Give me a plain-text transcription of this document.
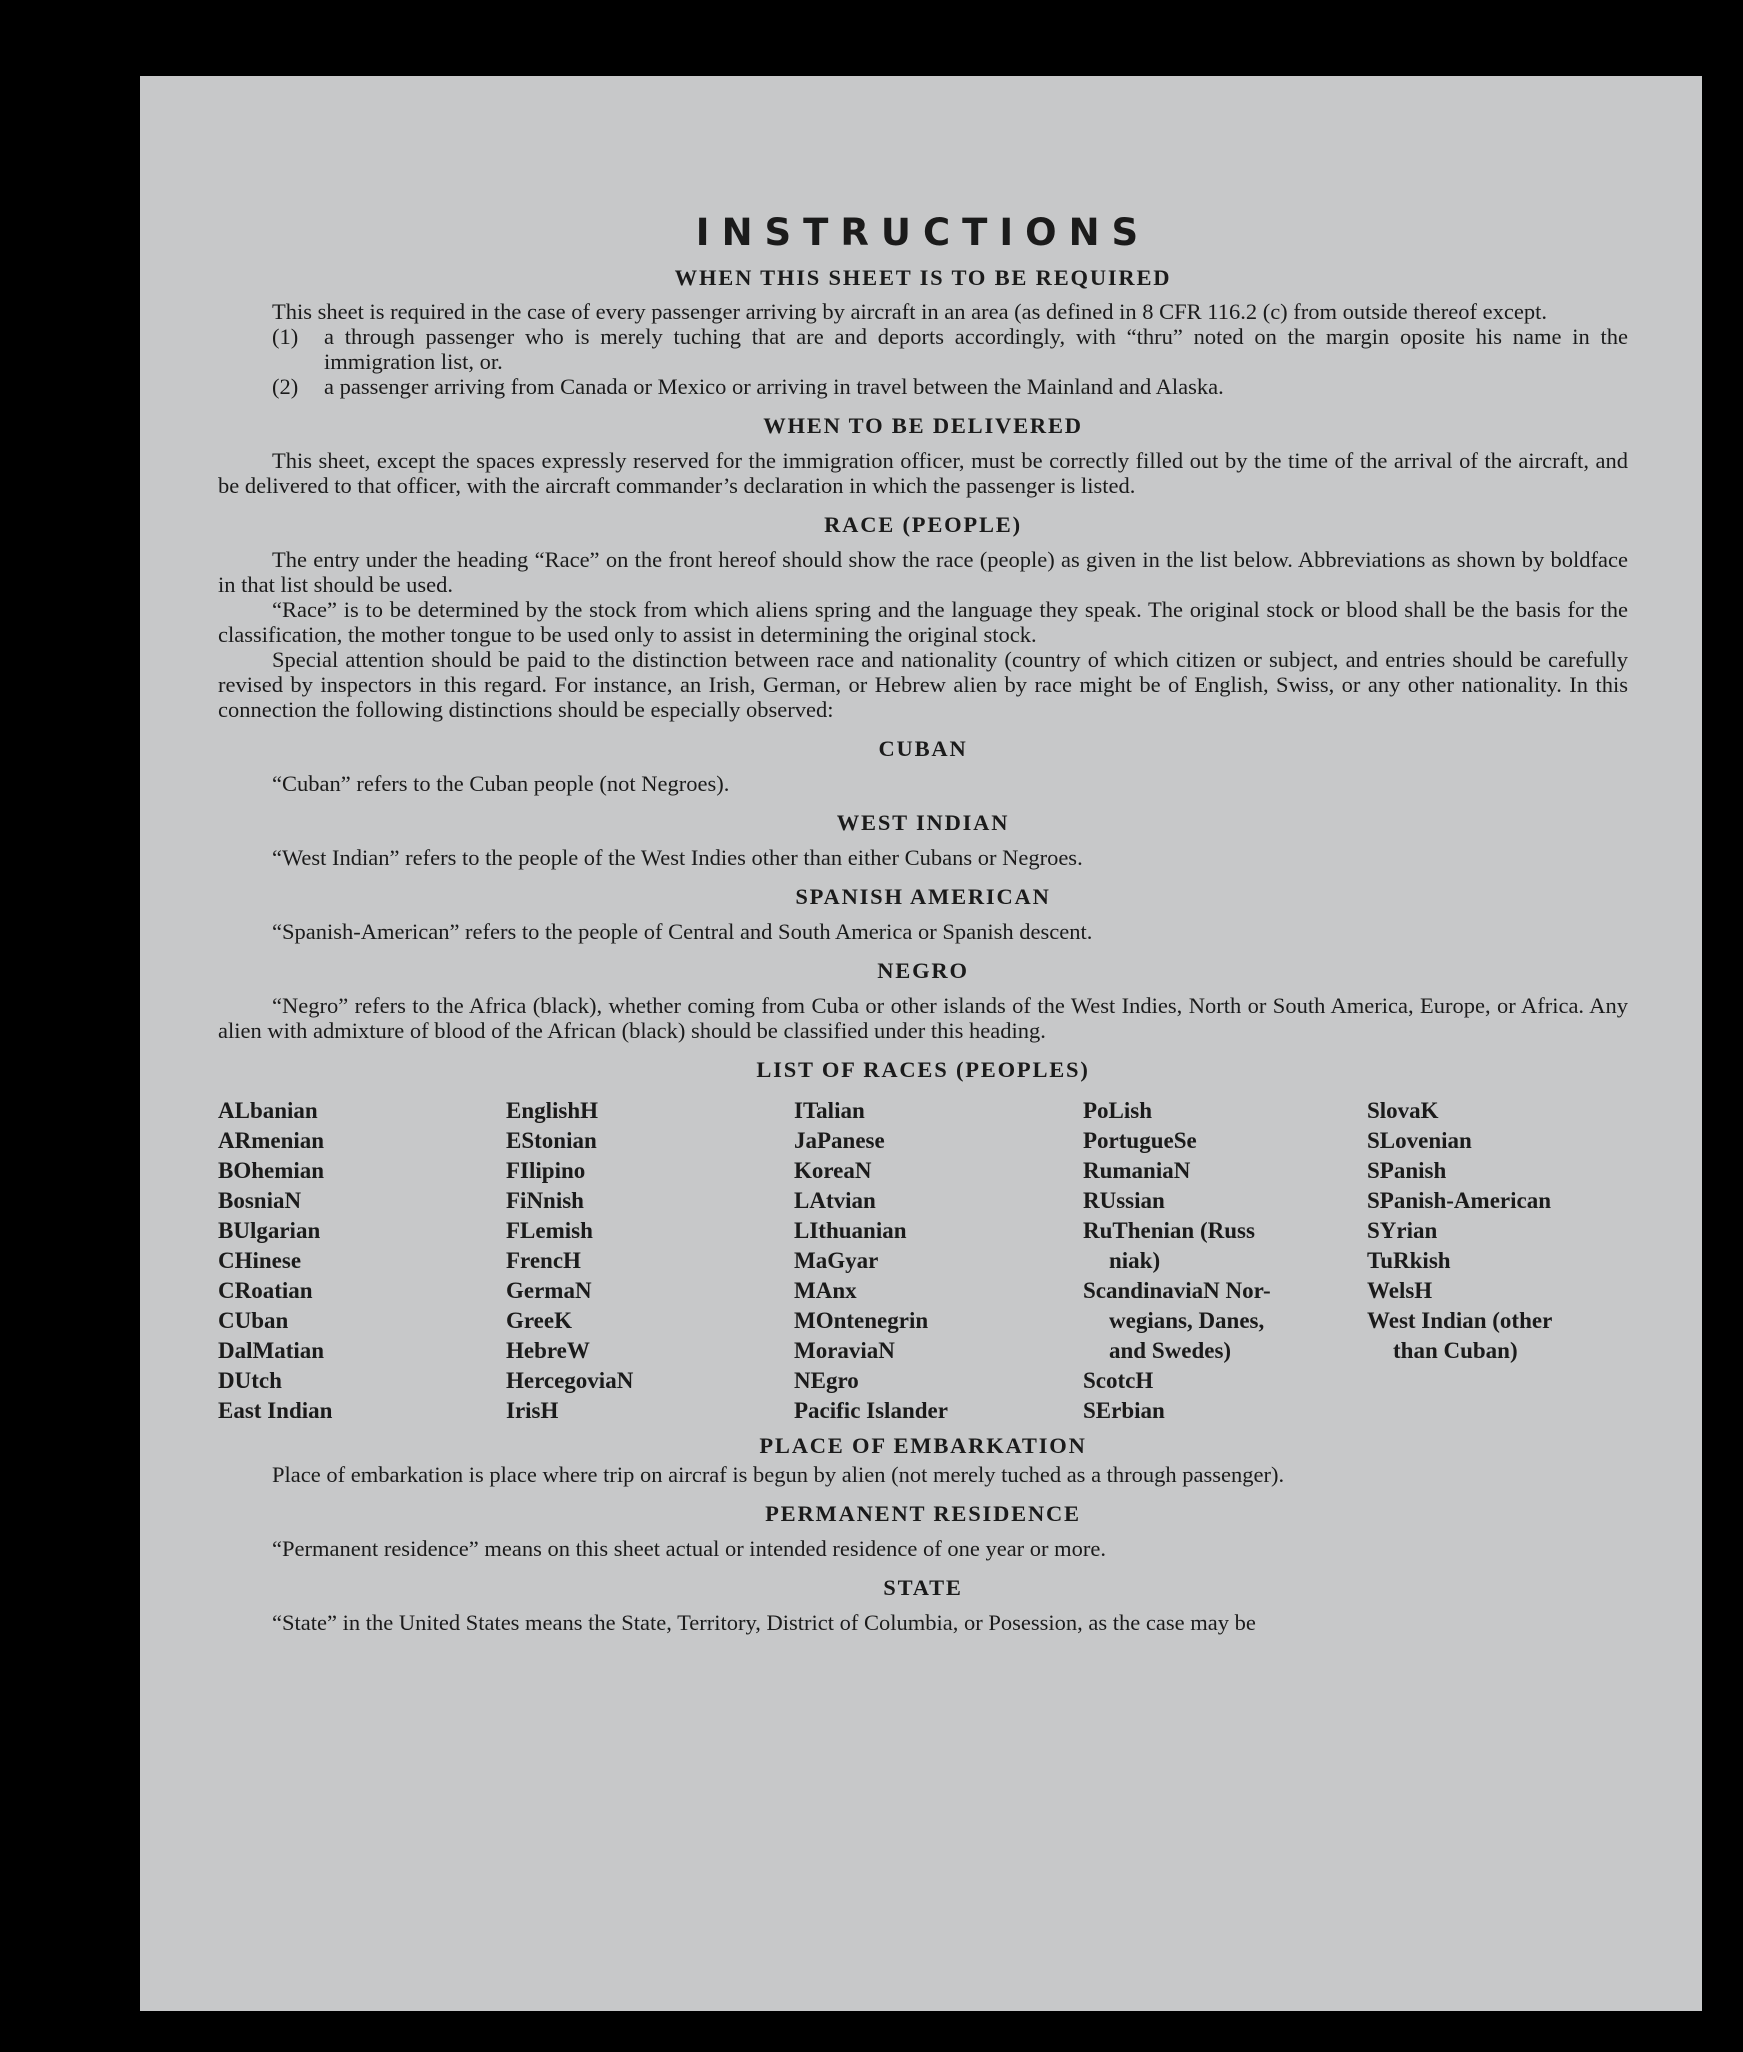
INSTRUCTIONS
WHEN THIS SHEET IS TO BE REQUIRED

This sheet is required in the case of every passenger arriving by aircraft in an area (as defined in 8 CFR 116.2 (c) from outside thereof except.

(1) a through passenger who is merely tuching that are and deports accordingly, with “thru” noted on the margin oposite his name in the immigration list, or.

(2) a passenger arriving from Canada or Mexico or arriving in travel between the Mainland and Alaska.

WHEN TO BE DELIVERED

This sheet, except the spaces expressly reserved for the immigration officer, must be correctly filled out by the time of the arrival of the aircraft, and be delivered to that officer, with the aircraft commander’s declaration in which the passenger is listed.

RACE (PEOPLE)

The entry under the heading “Race” on the front hereof should show the race (people) as given in the list below. Abbreviations as shown by boldface in that list should be used.

“Race” is to be determined by the stock from which aliens spring and the language they speak. The original stock or blood shall be the basis for the classification, the mother tongue to be used only to assist in determining the original stock.

Special attention should be paid to the distinction between race and nationality (country of which citizen or subject, and entries should be carefully revised by inspectors in this regard. For instance, an Irish, German, or Hebrew alien by race might be of English, Swiss, or any other nationality. In this connection the following distinctions should be especially observed:

CUBAN

“Cuban” refers to the Cuban people (not Negroes).

WEST INDIAN

“West Indian” refers to the people of the West Indies other than either Cubans or Negroes.

SPANISH AMERICAN

“Spanish-American” refers to the people of Central and South America or Spanish descent.

NEGRO

“Negro” refers to the Africa (black), whether coming from Cuba or other islands of the West Indies, North or South America, Europe, or Africa. Any alien with admixture of blood of the African (black) should be classified under this heading.

LIST OF RACES (PEOPLES)
ALbanian
ARmenian
BOhemian
BosniaN
BUlgarian
CHinese
CRoatian
CUban
DalMatian
DUtch
East Indian
EnglishH
EStonian
FIlipino
FiNnish
FLemish
FrencH
GermaN
GreeK
HebreW
HercegoviaN
IrisH
ITalian
JaPanese
KoreaN
LAtvian
LIthuanian
MaGyar
MAnx
MOntenegrin
MoraviaN
NEgro
Pacific Islander
PoLish
PortugueSe
RumaniaN
RUssian
RuThenian (Russ
niak)
ScandinaviaN Nor-
wegians, Danes,
and Swedes)
ScotcH
SErbian
SlovaK
SLovenian
SPanish
SPanish-American
SYrian
TuRkish
WelsH
West Indian (other
than Cuban)
PLACE OF EMBARKATION

Place of embarkation is place where trip on aircraf is begun by alien (not merely tuched as a through passenger).

PERMANENT RESIDENCE

“Permanent residence” means on this sheet actual or intended residence of one year or more.

STATE

“State” in the United States means the State, Territory, District of Columbia, or Posession, as the case may be
